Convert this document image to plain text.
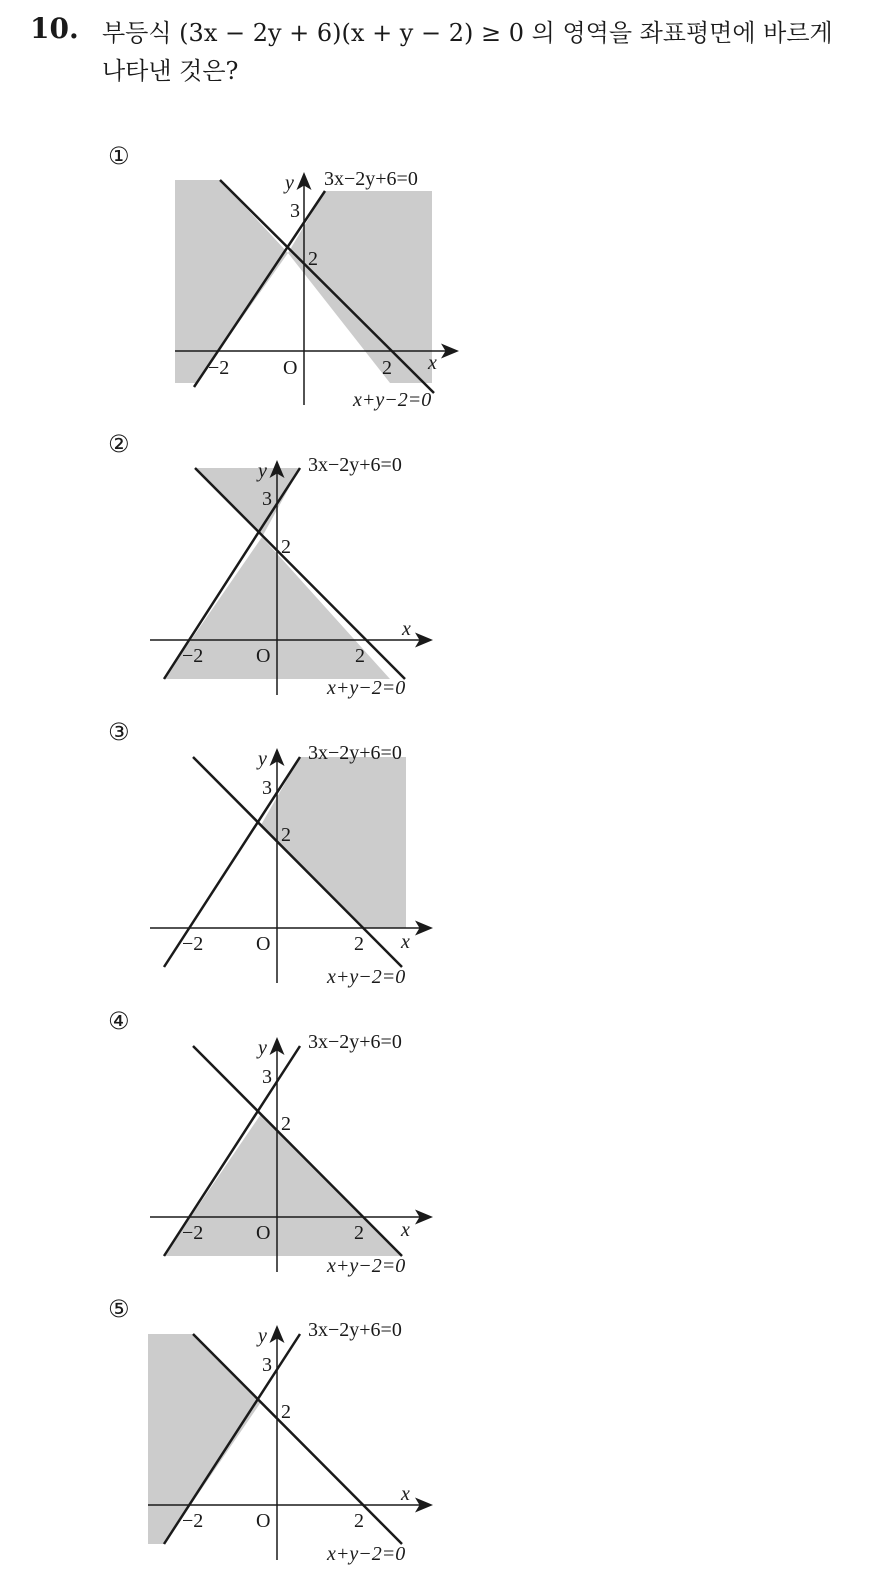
10. 부등식 (3x − 2y + 6)(x + y − 2) ≥ 0 의 영역을 좌표평면에 바르게 나타낸 것은?
①
②
③
④
⑤
y 3x−2y+6=0
3
2
−2	O	2 x
x+y−2=0
y 3x−2y+6=0
3
2
−2	O	2
x
x+y−2=0
y 3x−2y+6=0
3
2
−2	O	2 x
x+y−2=0
y 3x−2y+6=0
3
2
−2	O	2 x
x+y−2=0
y 3x−2y+6=0
3
2
−2	O	2
x
x+y−2=0
